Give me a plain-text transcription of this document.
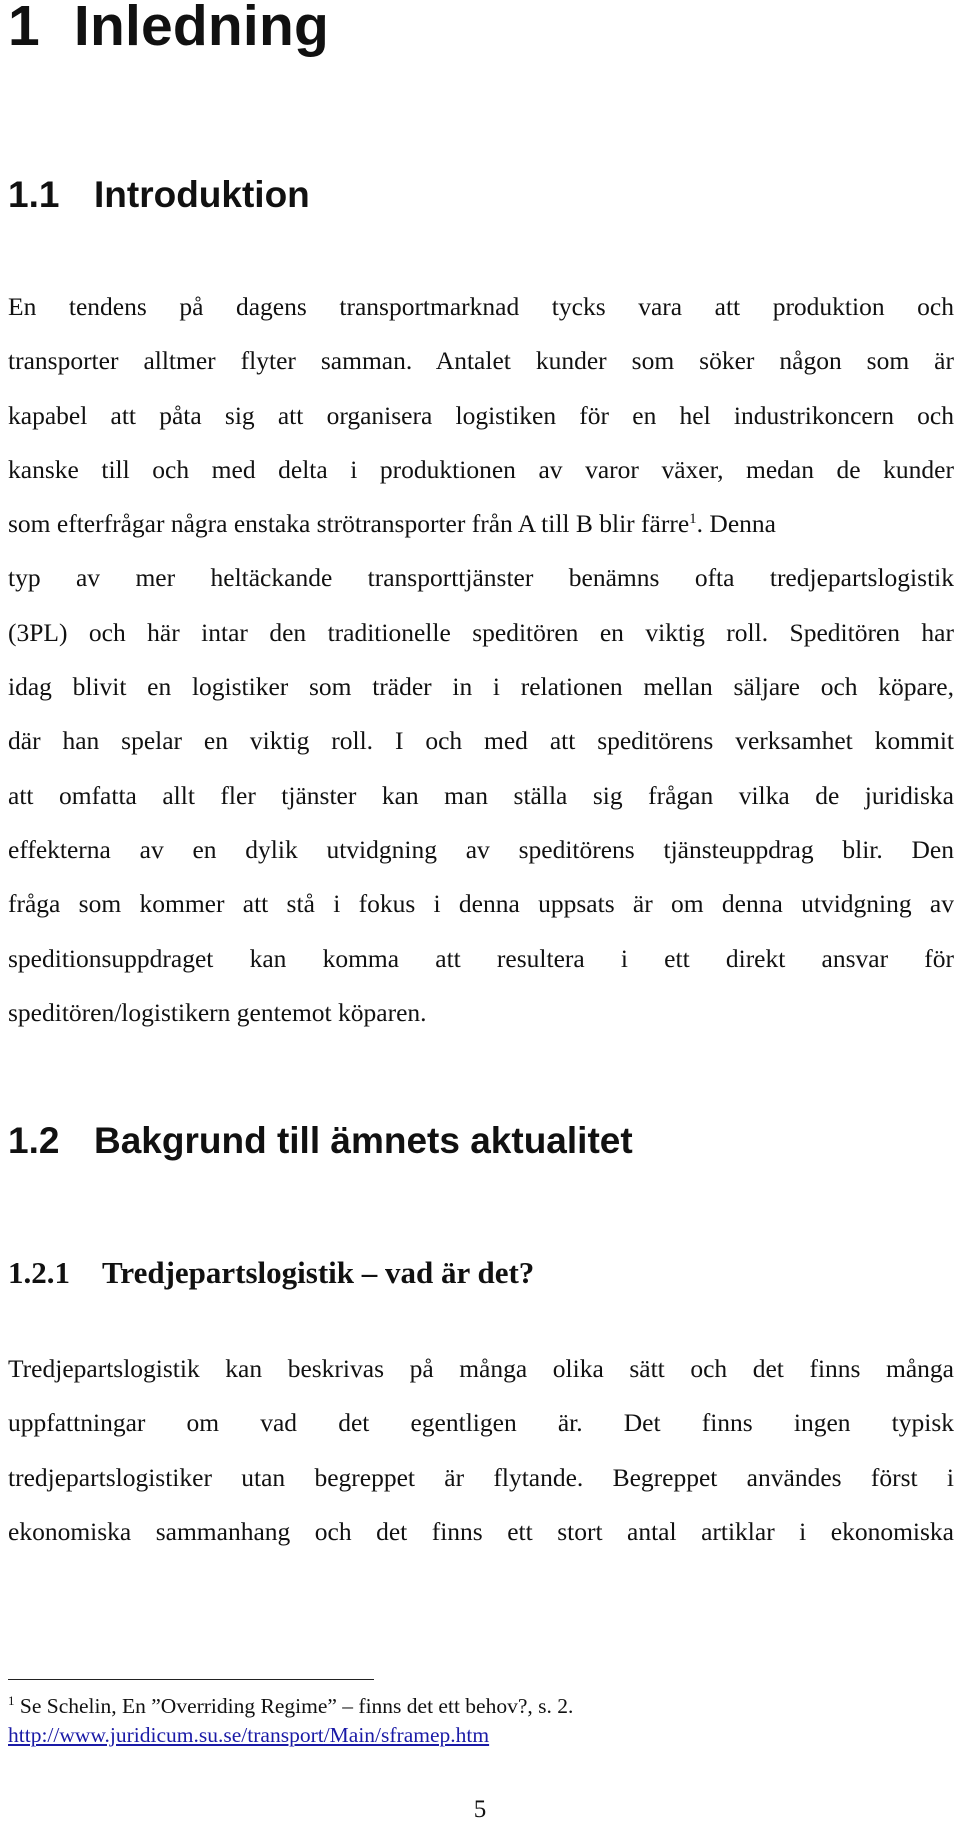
1 Inledning
1.1 Introduktion
En tendens på dagens transportmarknad tycks vara att produktion och
transporter alltmer flyter samman. Antalet kunder som söker någon som är
kapabel att påta sig att organisera logistiken för en hel industrikoncern och
kanske till och med delta i produktionen av varor växer, medan de kunder
som efterfrågar några enstaka strötransporter från A till B blir färre$^1$. Denna
typ av mer heltäckande transporttjänster benämns ofta tredjepartslogistik
(3PL) och här intar den traditionelle speditören en viktig roll. Speditören har
idag blivit en logistiker som träder in i relationen mellan säljare och köpare,
där han spelar en viktig roll. I och med att speditörens verksamhet kommit
att omfatta allt fler tjänster kan man ställa sig frågan vilka de juridiska
effekterna av en dylik utvidgning av speditörens tjänsteuppdrag blir. Den
fråga som kommer att stå i fokus i denna uppsats är om denna utvidgning av
speditionsuppdraget kan komma att resultera i ett direkt ansvar för
speditören/logistikern gentemot köparen.
1.2 Bakgrund till ämnets aktualitet
1.2.1 Tredjepartslogistik – vad är det?
Tredjepartslogistik kan beskrivas på många olika sätt och det finns många
uppfattningar om vad det egentligen är. Det finns ingen typisk
tredjepartslogistiker utan begreppet är flytande. Begreppet användes först i
ekonomiska sammanhang och det finns ett stort antal artiklar i ekonomiska
$^1$ Se Schelin, En ”Overriding Regime” – finns det ett behov?, s. 2.
http://www.juridicum.su.se/transport/Main/sframep.htm
5
